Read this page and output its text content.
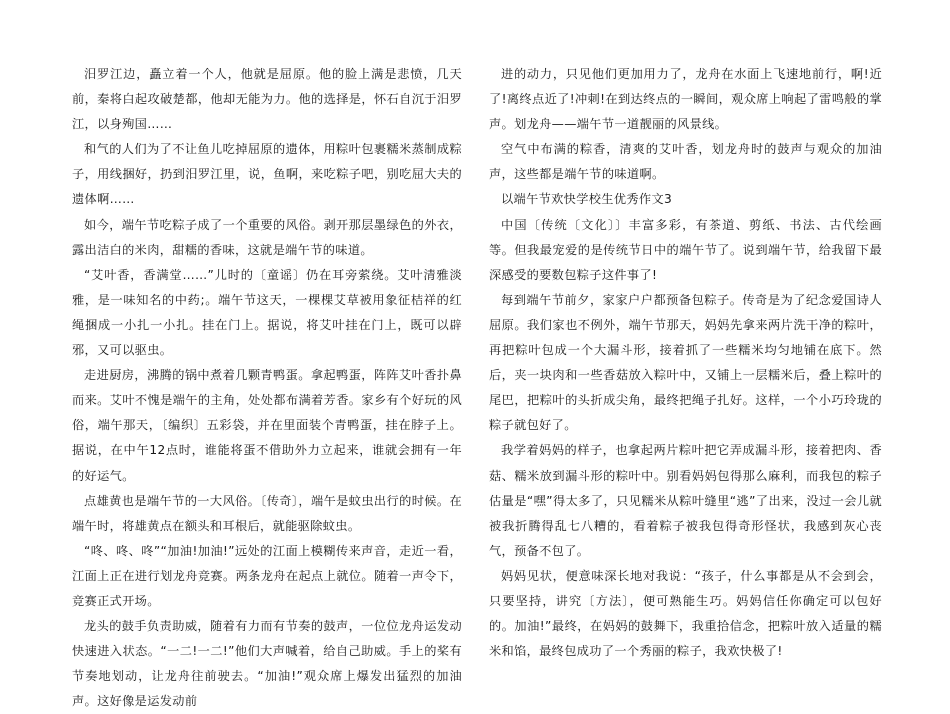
汨罗江边，矗立着一个人，他就是屈原。他的脸上满是悲愤，几天前，秦将白起攻破楚都，他却无能为力。他的选择是，怀石自沉于汨罗江，以身殉国……

和气的人们为了不让鱼儿吃掉屈原的遗体，用粽叶包裹糯米蒸制成粽子，用线捆好，扔到汨罗江里，说，鱼啊，来吃粽子吧，别吃屈大夫的遗体啊……

如今，端午节吃粽子成了一个重要的风俗。剥开那层墨绿色的外衣，露出洁白的米肉，甜糯的香味，这就是端午节的味道。

“艾叶香，香满堂……”儿时的〔童谣〕仍在耳旁萦绕。艾叶清雅淡雅，是一味知名的中药;。端午节这天，一棵棵艾草被用象征桔祥的红绳捆成一小扎一小扎。挂在门上。据说，将艾叶挂在门上，既可以辟邪，又可以驱虫。

走进厨房，沸腾的锅中煮着几颗青鸭蛋。拿起鸭蛋，阵阵艾叶香扑鼻而来。艾叶不愧是端午的主角，处处都布满着芳香。家乡有个好玩的风俗，端午那天，〔编织〕五彩袋，并在里面装个青鸭蛋，挂在脖子上。据说，在中午12点时，谁能将蛋不借助外力立起来，谁就会拥有一年的好运气。

点雄黄也是端午节的一大风俗。〔传奇〕，端午是蚊虫出行的时候。在端午时，将雄黄点在额头和耳根后，就能驱除蚊虫。

“咚、咚、咚”“加油!加油!”远处的江面上模糊传来声音，走近一看，江面上正在进行划龙舟竞赛。两条龙舟在起点上就位。随着一声令下，竞赛正式开场。

龙头的鼓手负责助威，随着有力而有节奏的鼓声，一位位龙舟运发动快速进入状态。“一二!一二!”他们大声喊着，给自己助威。手上的桨有节奏地划动，让龙舟往前驶去。“加油!”观众席上爆发出猛烈的加油声。这好像是运发动前

进的动力，只见他们更加用力了，龙舟在水面上飞速地前行，啊!近了!离终点近了!冲刺!在到达终点的一瞬间，观众席上响起了雷鸣般的掌声。划龙舟——端午节一道靓丽的风景线。

空气中布满的粽香，清爽的艾叶香，划龙舟时的鼓声与观众的加油声，这些都是端午节的味道啊。

以端午节欢快学校生优秀作文3

中国〔传统〔文化〕〕丰富多彩，有茶道、剪纸、书法、古代绘画等。但我最宠爱的是传统节日中的端午节了。说到端午节，给我留下最深感受的要数包粽子这件事了!

每到端午节前夕，家家户户都预备包粽子。传奇是为了纪念爱国诗人屈原。我们家也不例外，端午节那天，妈妈先拿来两片洗干净的粽叶，再把粽叶包成一个大漏斗形，接着抓了一些糯米均匀地铺在底下。然后，夹一块肉和一些香菇放入粽叶中，又铺上一层糯米后，叠上粽叶的尾巴，把粽叶的头折成尖角，最终把绳子扎好。这样，一个小巧玲珑的粽子就包好了。

我学着妈妈的样子，也拿起两片粽叶把它弄成漏斗形，接着把肉、香菇、糯米放到漏斗形的粽叶中。别看妈妈包得那么麻利，而我包的粽子估量是“嘿”得太多了，只见糯米从粽叶缝里“逃”了出来，没过一会儿就被我折腾得乱七八糟的，看着粽子被我包得奇形怪状，我感到灰心丧气，预备不包了。

妈妈见状，便意味深长地对我说：“孩子，什么事都是从不会到会，只要坚持，讲究〔方法〕，便可熟能生巧。妈妈信任你确定可以包好的。加油!”最终，在妈妈的鼓舞下，我重拾信念，把粽叶放入适量的糯米和馅，最终包成功了一个秀丽的粽子，我欢快极了!
